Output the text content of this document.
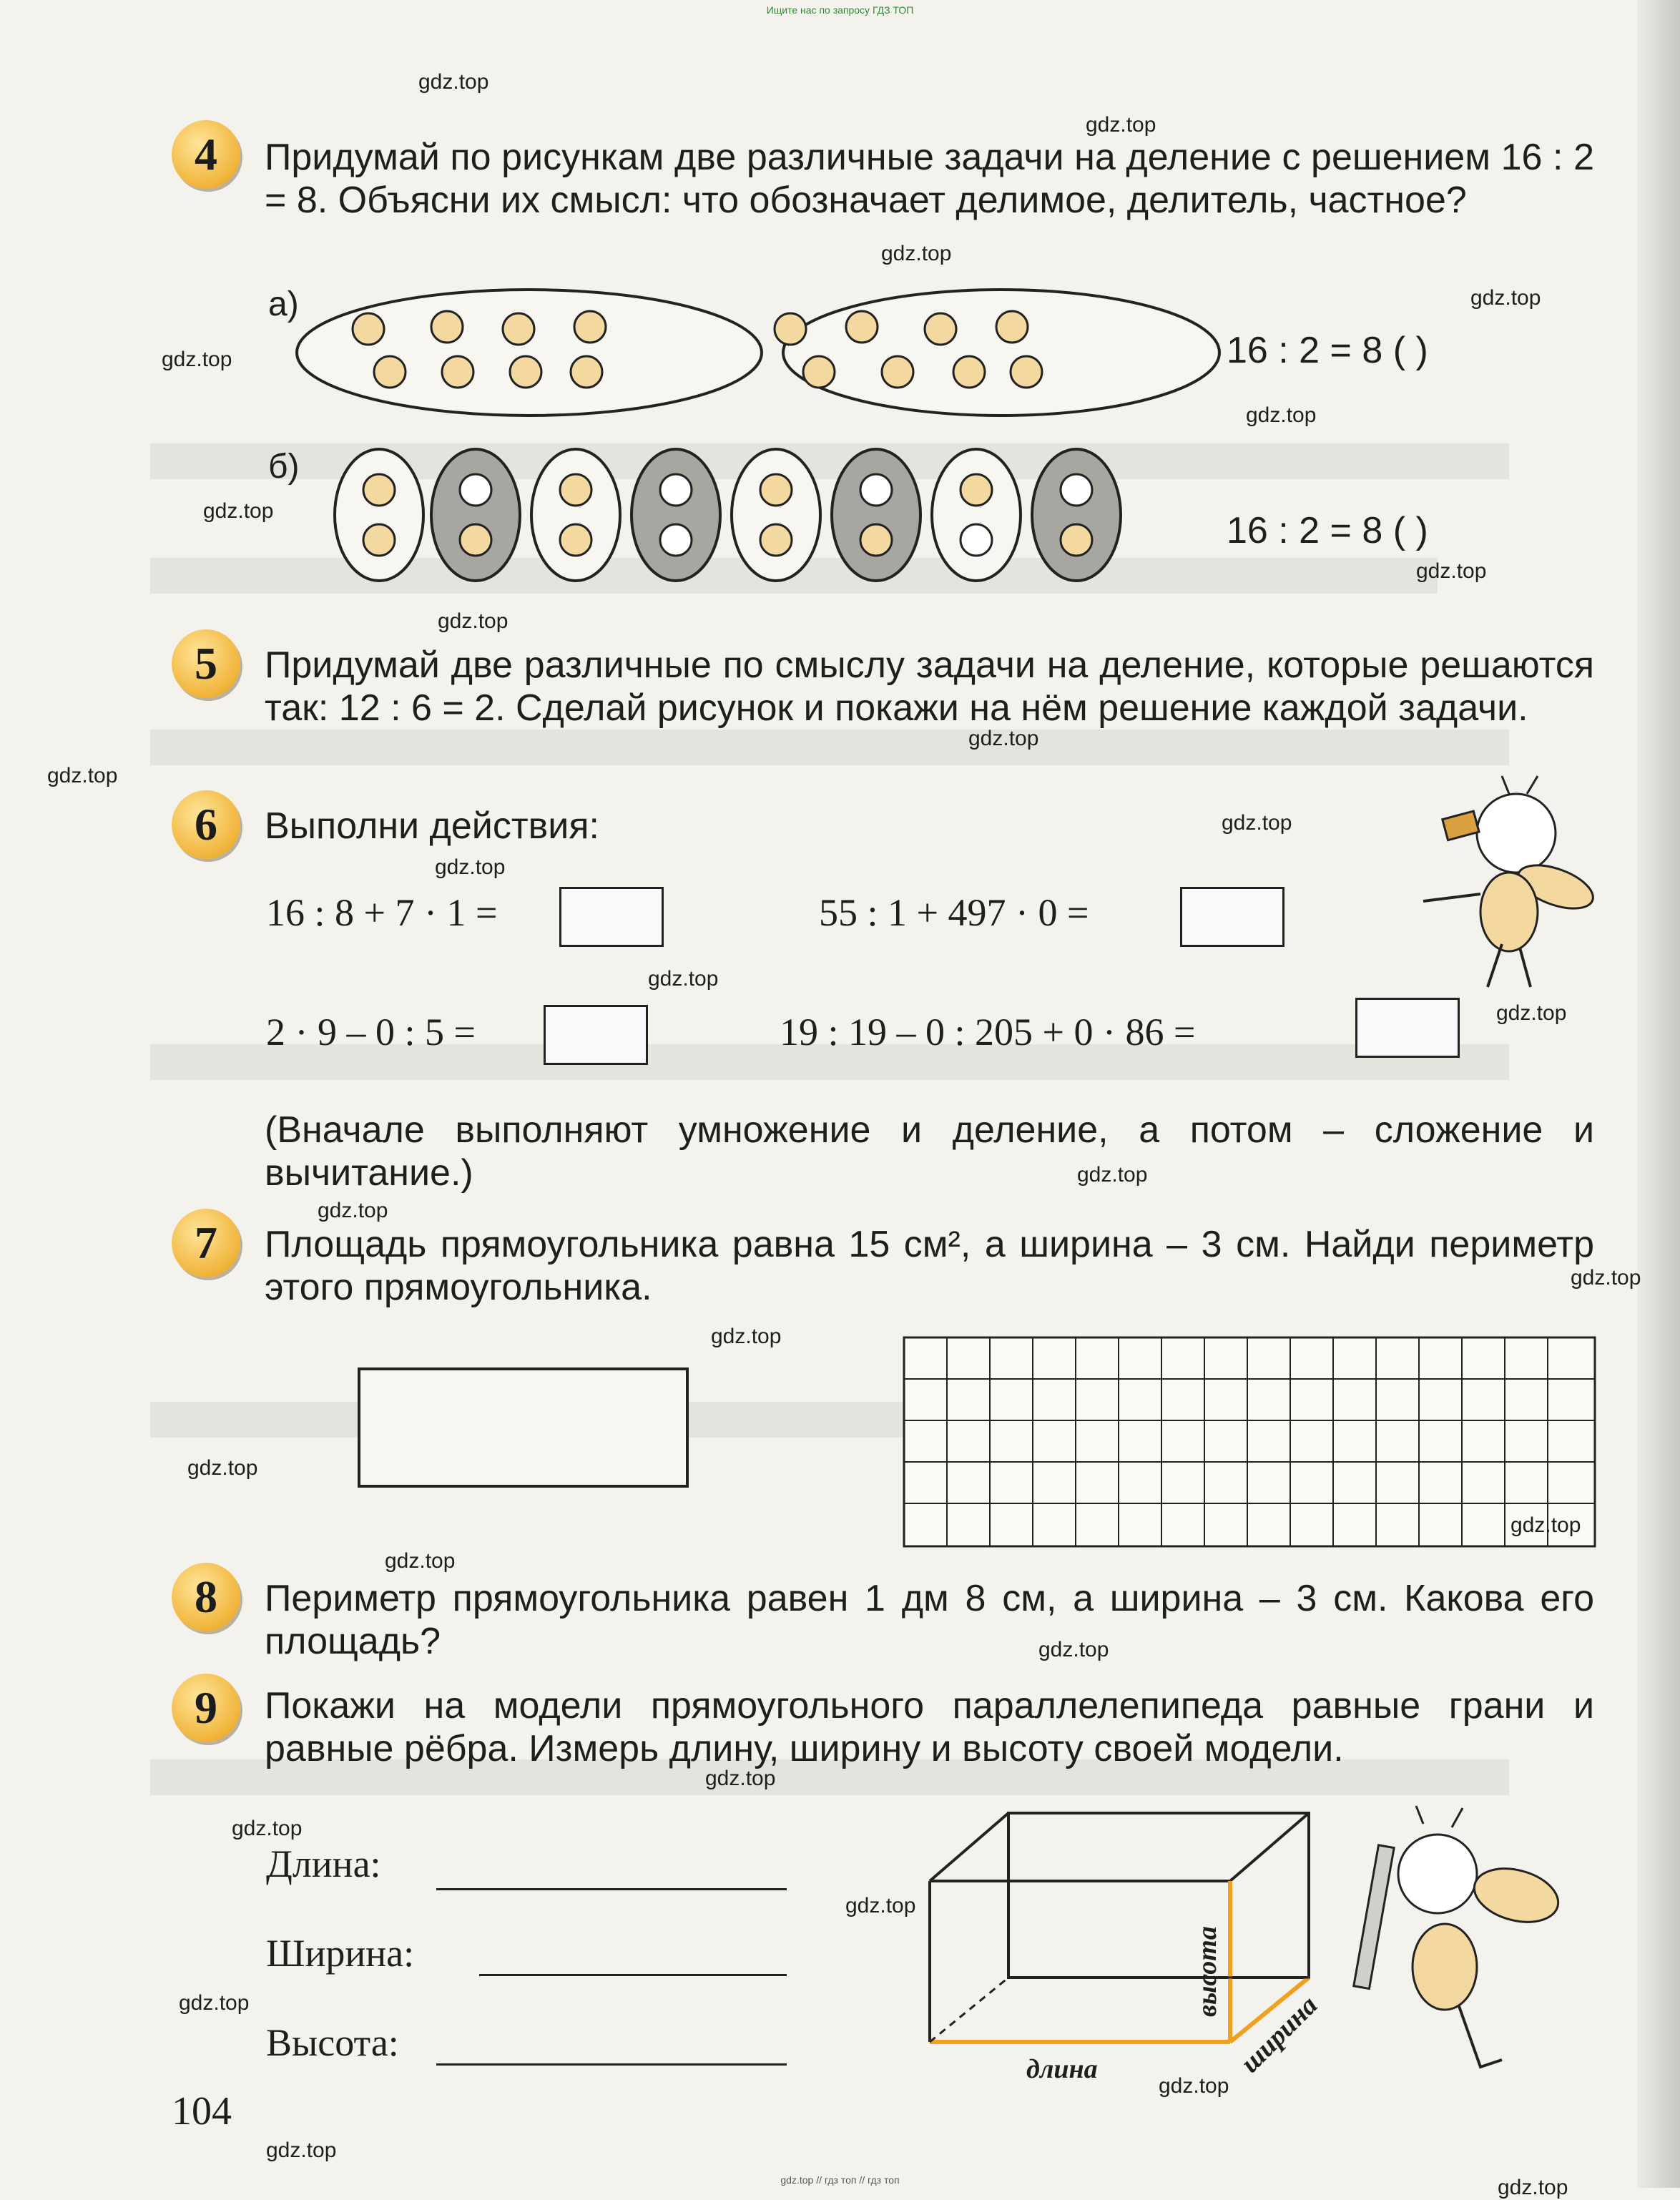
Ищите нас по запросу ГДЗ ТОП
4	Придумай по рисункам две различные задачи на деление с решением 16 : 2 = 8. Объясни их смысл: что обозначает делимое, делитель, частное?
а)
16 : 2 = 8 ( )
б)
16 : 2 = 8 ( )
5	Придумай две различные по смыслу задачи на деление, которые решаются так: 12 : 6 = 2. Сделай рисунок и покажи на нём решение каждой задачи.
6	Выполни действия:
16 : 8 + 7 · 1 =	55 : 1 + 497 · 0 =
2 · 9 – 0 : 5 =	19 : 19 – 0 : 205 + 0 · 86 =
(Вначале выполняют умножение и деление, а потом – сложение и вычитание.)
7	Площадь прямоугольника равна 15 см², а ширина – 3 см. Найди периметр этого прямоугольника.
8	Периметр прямоугольника равен 1 дм 8 см, а ширина – 3 см. Какова его площадь?
9	Покажи на модели прямоугольного параллелепипеда равные грани и равные рёбра. Измерь длину, ширину и высоту своей модели.
Длина:
Ширина:
Высота:
длина
высота
ширина
104
gdz.top
gdz.top
gdz.top
gdz.top
gdz.top
gdz.top
gdz.top
gdz.top
gdz.top
gdz.top
gdz.top
gdz.top
gdz.top
gdz.top
gdz.top
gdz.top
gdz.top
gdz.top
gdz.top
gdz.top
gdz.top
gdz.top
gdz.top
gdz.top
gdz.top
gdz.top
gdz.top
gdz.top
gdz.top
gdz.top
gdz.top // гдз топ // гдз топ
